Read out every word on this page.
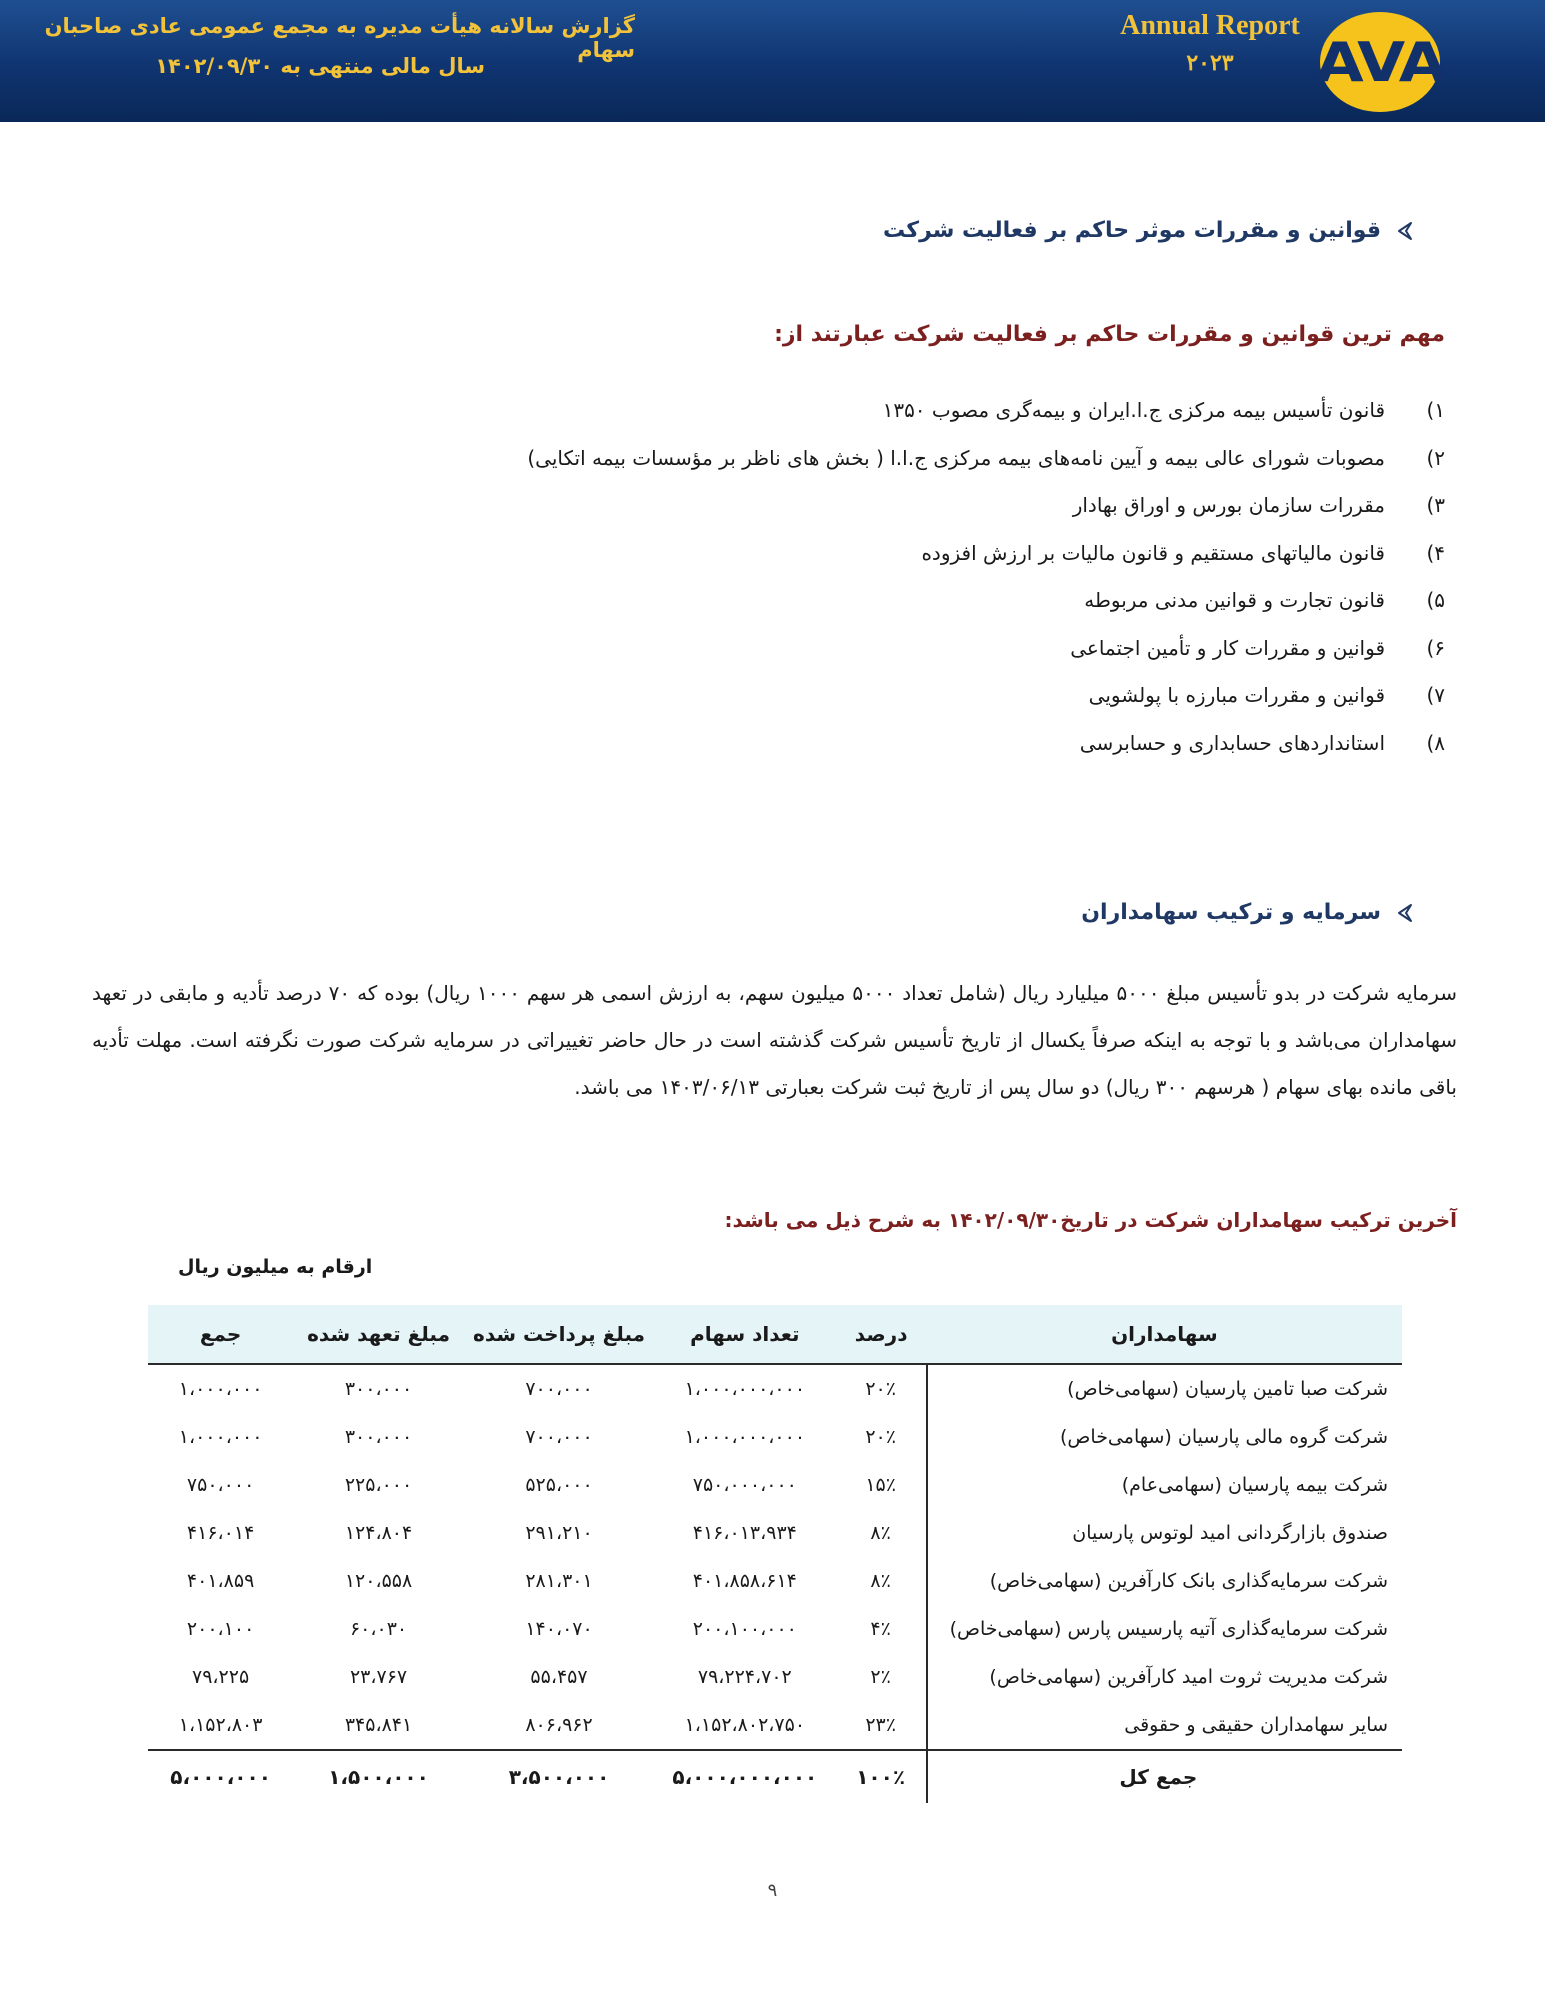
AVA
Annual Report
۲۰۲۳
گزارش سالانه هیأت مدیره به مجمع عمومی عادی صاحبان سهام
سال مالی منتهی به ۱۴۰۲/۰۹/۳۰
قوانین و مقررات موثر حاکم بر فعالیت شرکت
مهم ترین قوانین و مقررات حاکم بر فعالیت شرکت عبارتند از:
۱)
قانون تأسیس بیمه مرکزی ج.ا.ایران و بیمه‌گری مصوب ۱۳۵۰
۲)
مصوبات شورای عالی بیمه و آیین نامه‌های بیمه مرکزی ج.ا.ا ( بخش های ناظر بر مؤسسات بیمه اتکایی)
۳)
مقررات سازمان بورس و اوراق بهادار
۴)
قانون مالیاتهای مستقیم و قانون مالیات بر ارزش افزوده
۵)
قانون تجارت و قوانین مدنی مربوطه
۶)
قوانین و مقررات کار و تأمین اجتماعی
۷)
قوانین و مقررات مبارزه با پولشویی
۸)
استانداردهای حسابداری و حسابرسی
سرمایه و ترکیب سهامداران
سرمایه شرکت در بدو تأسیس مبلغ ۵۰۰۰ میلیارد ریال (شامل تعداد ۵۰۰۰ میلیون سهم، به ارزش اسمی هر سهم ۱۰۰۰ ریال) بوده که ۷۰ درصد تأدیه و مابقی در تعهد سهامداران می‌باشد و با توجه به اینکه صرفاً یکسال از تاریخ تأسیس شرکت گذشته است در حال حاضر تغییراتی در سرمایه شرکت صورت نگرفته است. مهلت تأدیه باقی مانده بهای سهام ( هرسهم ۳۰۰ ریال) دو سال پس از تاریخ ثبت شرکت بعبارتی ۱۴۰۳/۰۶/۱۳ می باشد.
آخرین ترکیب سهامداران شرکت در تاریخ۱۴۰۲/۰۹/۳۰ به شرح ذیل می باشد:
ارقام به میلیون ریال
سهامداران	درصد	تعداد سهام	مبلغ پرداخت شده	مبلغ تعهد شده	جمع
شرکت صبا تامین پارسیان (سهامی‌خاص)	۲۰٪	۱،۰۰۰،۰۰۰،۰۰۰	۷۰۰،۰۰۰	۳۰۰،۰۰۰	۱،۰۰۰،۰۰۰
شرکت گروه مالی پارسیان (سهامی‌خاص)	۲۰٪	۱،۰۰۰،۰۰۰،۰۰۰	۷۰۰،۰۰۰	۳۰۰،۰۰۰	۱،۰۰۰،۰۰۰
شرکت بیمه پارسیان (سهامی‌عام)	۱۵٪	۷۵۰،۰۰۰،۰۰۰	۵۲۵،۰۰۰	۲۲۵،۰۰۰	۷۵۰،۰۰۰
صندوق بازارگردانی امید لوتوس پارسیان	۸٪	۴۱۶،۰۱۳،۹۳۴	۲۹۱،۲۱۰	۱۲۴،۸۰۴	۴۱۶،۰۱۴
شرکت سرمایه‌گذاری بانک کارآفرین (سهامی‌خاص)	۸٪	۴۰۱،۸۵۸،۶۱۴	۲۸۱،۳۰۱	۱۲۰،۵۵۸	۴۰۱،۸۵۹
شرکت سرمایه‌گذاری آتیه پارسیس پارس (سهامی‌خاص)	۴٪	۲۰۰،۱۰۰،۰۰۰	۱۴۰،۰۷۰	۶۰،۰۳۰	۲۰۰،۱۰۰
شرکت مدیریت ثروت امید کارآفرین (سهامی‌خاص)	۲٪	۷۹،۲۲۴،۷۰۲	۵۵،۴۵۷	۲۳،۷۶۷	۷۹،۲۲۵
سایر سهامداران حقیقی و حقوقی	۲۳٪	۱،۱۵۲،۸۰۲،۷۵۰	۸۰۶،۹۶۲	۳۴۵،۸۴۱	۱،۱۵۲،۸۰۳
جمع کل	۱۰۰٪	۵،۰۰۰،۰۰۰،۰۰۰	۳،۵۰۰،۰۰۰	۱،۵۰۰،۰۰۰	۵،۰۰۰،۰۰۰
۹
